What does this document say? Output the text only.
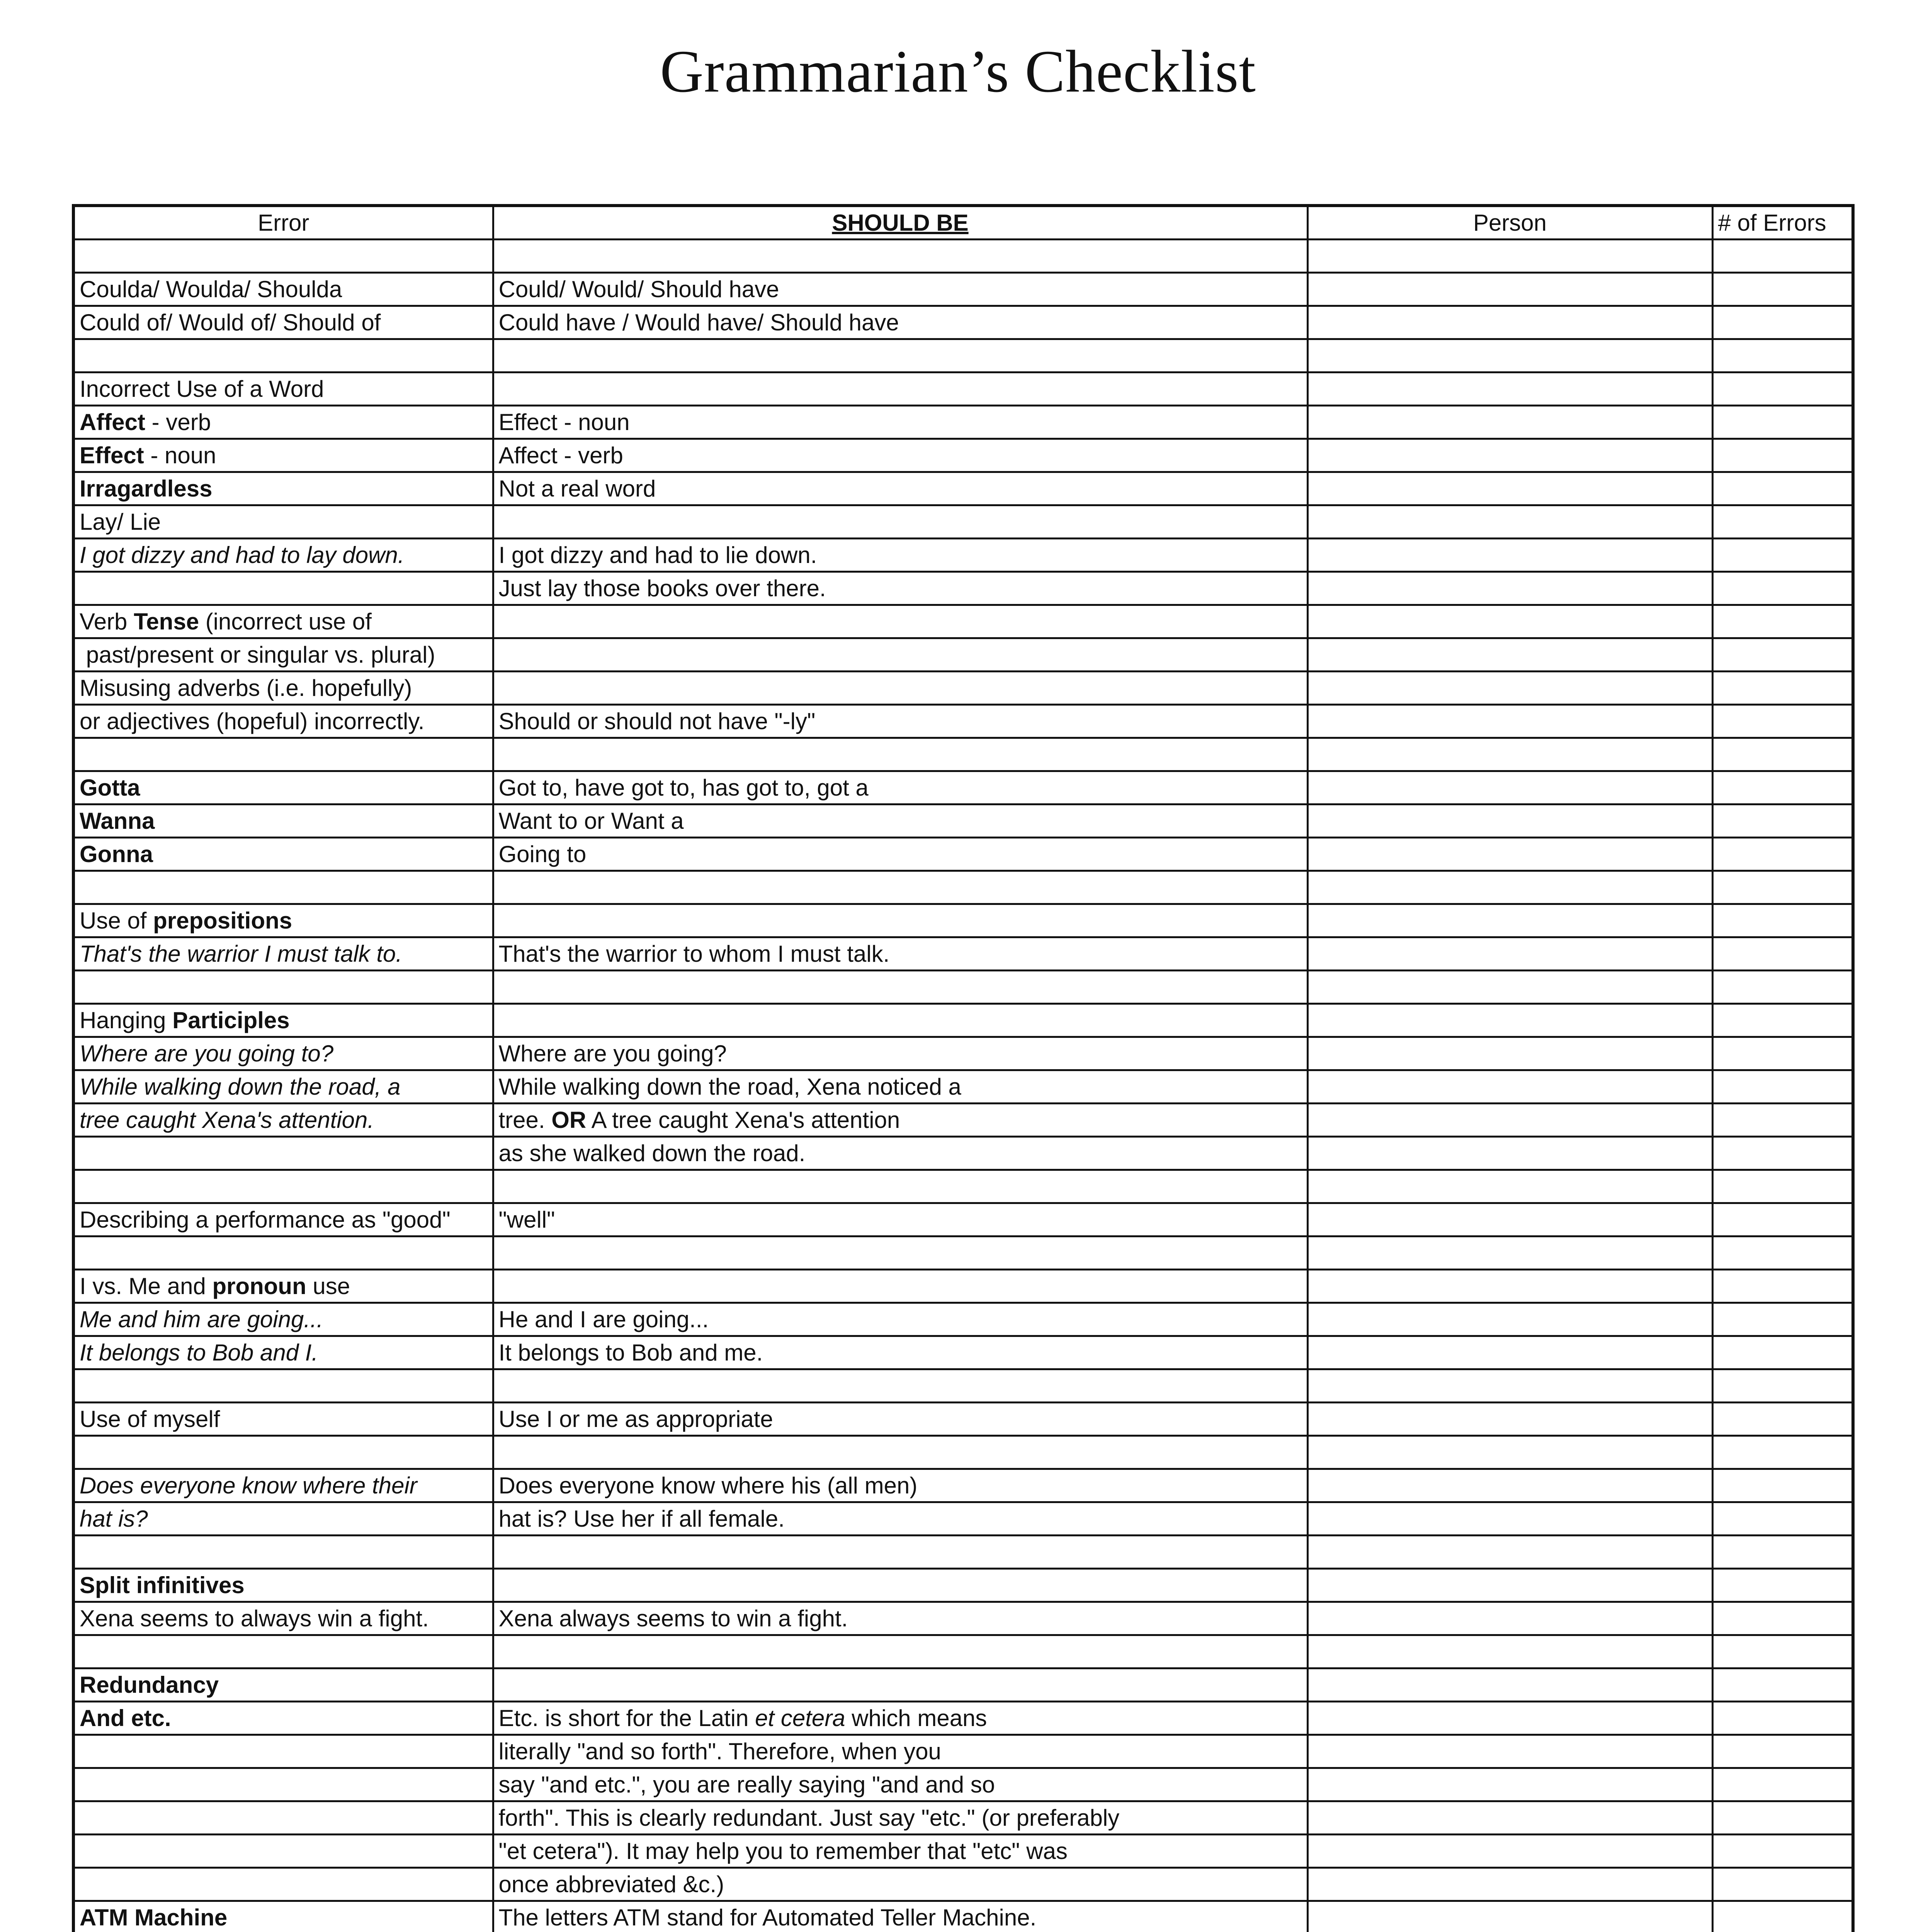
Grammarian’s Checklist
Error	SHOULD BE	Person	# of Errors

Coulda/ Woulda/ Shoulda	Could/ Would/ Should have		
Could of/ Would of/ Should of	Could have / Would have/ Should have		

Incorrect Use of a Word			
Affect - verb	Effect - noun		
Effect - noun	Affect - verb		
Irragardless	Not a real word		
Lay/ Lie			
I got dizzy and had to lay down.	I got dizzy and had to lie down.		
	Just lay those books over there.		
Verb Tense (incorrect use of			
past/present or singular vs. plural)			
Misusing adverbs (i.e. hopefully)			
or adjectives (hopeful) incorrectly.	Should or should not have "-ly"		

Gotta	Got to, have got to, has got to, got a		
Wanna	Want to or Want a		
Gonna	Going to		

Use of prepositions			
That's the warrior I must talk to.	That's the warrior to whom I must talk.		

Hanging Participles			
Where are you going to?	Where are you going?		
While walking down the road, a	While walking down the road, Xena noticed a		
tree caught Xena's attention.	tree. OR A tree caught Xena's attention		
	as she walked down the road.		

Describing a performance as "good"	"well"		

I vs. Me and pronoun use			
Me and him are going...	He and I are going...		
It belongs to Bob and I.	It belongs to Bob and me.		

Use of myself	Use I or me as appropriate		

Does everyone know where their	Does everyone know where his (all men)		
hat is?	hat is? Use her if all female.		

Split infinitives			
Xena seems to always win a fight.	Xena always seems to win a fight.		

Redundancy			
And etc.	Etc. is short for the Latin et cetera which means		
	literally "and so forth". Therefore, when you		
	say "and etc.", you are really saying "and and so		
	forth". This is clearly redundant. Just say "etc." (or preferably		
	"et cetera"). It may help you to remember that "etc" was		
	once abbreviated &c.)		
ATM Machine	The letters ATM stand for Automated Teller Machine.		
